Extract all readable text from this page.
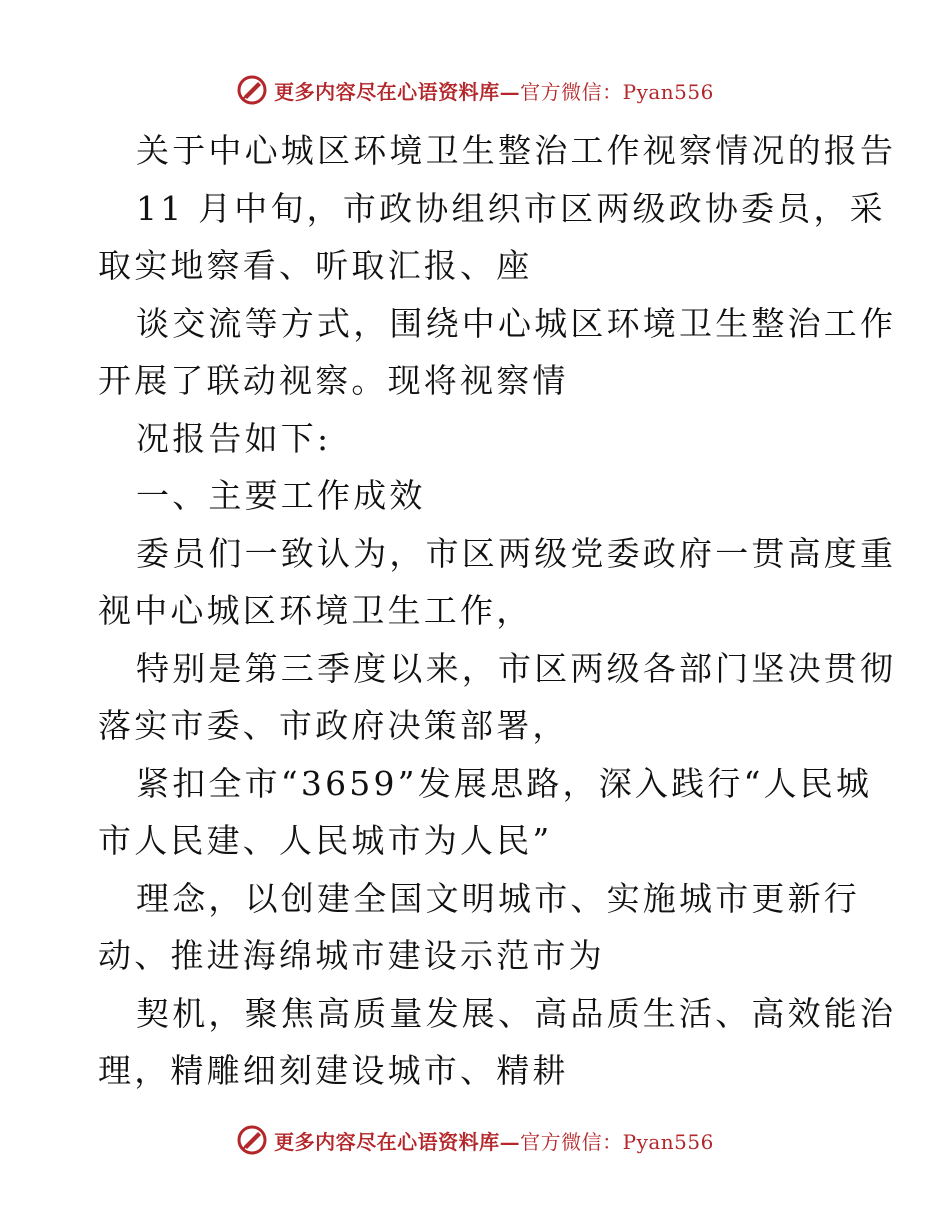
更多内容尽在心语资料库—官方微信：Pyan556
关于中心城区环境卫生整治工作视察情况的报告
11 月中旬，市政协组织市区两级政协委员，采
取实地察看、听取汇报、座
谈交流等方式，围绕中心城区环境卫生整治工作
开展了联动视察。现将视察情
况报告如下:
一、主要工作成效
委员们一致认为，市区两级党委政府一贯高度重
视中心城区环境卫生工作，
特别是第三季度以来，市区两级各部门坚决贯彻
落实市委、市政府决策部署，
紧扣全市“3659”发展思路，深入践行“人民城
市人民建、人民城市为人民”
理念，以创建全国文明城市、实施城市更新行
动、推进海绵城市建设示范市为
契机，聚焦高质量发展、高品质生活、高效能治
理，精雕细刻建设城市、精耕
更多内容尽在心语资料库—官方微信：Pyan556
